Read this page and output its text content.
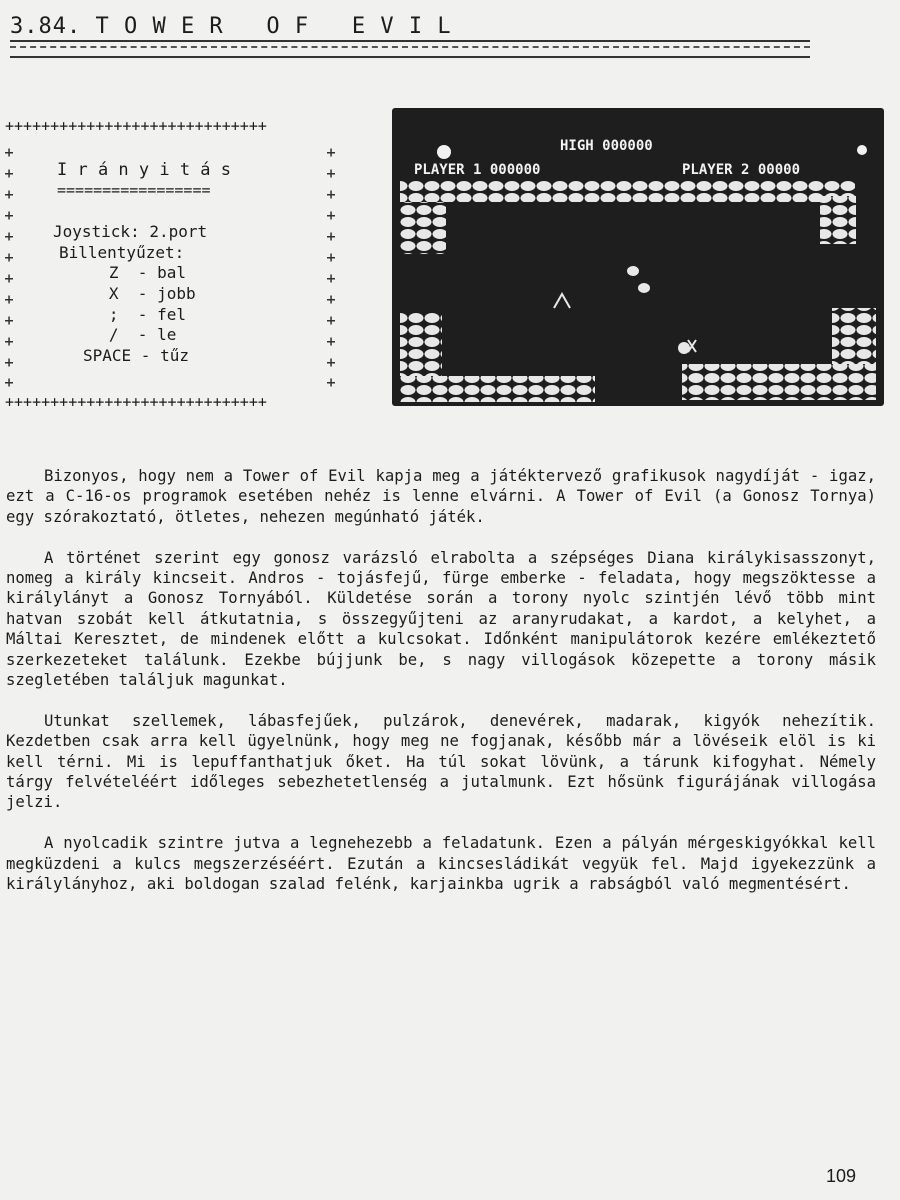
3.84. T O W E R   O F   E V I L
+++++++++++++++++++++++++++++
+++++++++++++++++++++++++++++
I r á n y i t á s
=================
Joystick: 2.port
Billentyűzet:
Z  - bal
X  - jobb
;  - fel
/  - le
SPACE - tűz
HIGH 000000
PLAYER 1 000000	PLAYER 2 00000

Bizonyos, hogy nem a Tower of Evil kapja meg a játéktervező grafikusok nagydíját - igaz, ezt a C-16-os programok esetében nehéz is lenne elvárni. A Tower of Evil (a Gonosz Tornya) egy szórakoztató, ötletes, nehezen megúnható játék.

A történet szerint egy gonosz varázsló elrabolta a szépséges Diana királykisasszonyt, nomeg a király kincseit. Andros - tojásfejű, fürge emberke - feladata, hogy megszöktesse a királylányt a Gonosz Tornyából. Küldetése során a torony nyolc szintjén lévő több mint hatvan szobát kell átkutatnia, s összegyűjteni az aranyrudakat, a kardot, a kelyhet, a Máltai Keresztet, de mindenek előtt a kulcsokat. Időnként manipulátorok kezére emlékeztető szerkezeteket találunk. Ezekbe bújjunk be, s nagy villogások közepette a torony másik szegletében találjuk magunkat.

Utunkat szellemek, lábasfejűek, pulzárok, denevérek, madarak, kigyók nehezítik. Kezdetben csak arra kell ügyelnünk, hogy meg ne fogjanak, később már a lövéseik elöl is ki kell térni. Mi is lepuffanthatjuk őket. Ha túl sokat lövünk, a tárunk kifogyhat. Némely tárgy felvételéért időleges sebezhetetlenség a jutalmunk. Ezt hősünk figurájának villogása jelzi.

A nyolcadik szintre jutva a legnehezebb a feladatunk. Ezen a pályán mérgeskigyókkal kell megküzdeni a kulcs megszerzéséért. Ezután a kincsesládikát vegyük fel. Majd igyekezzünk a királylányhoz, aki boldogan szalad felénk, karjainkba ugrik a rabságból való megmentésért.

109
